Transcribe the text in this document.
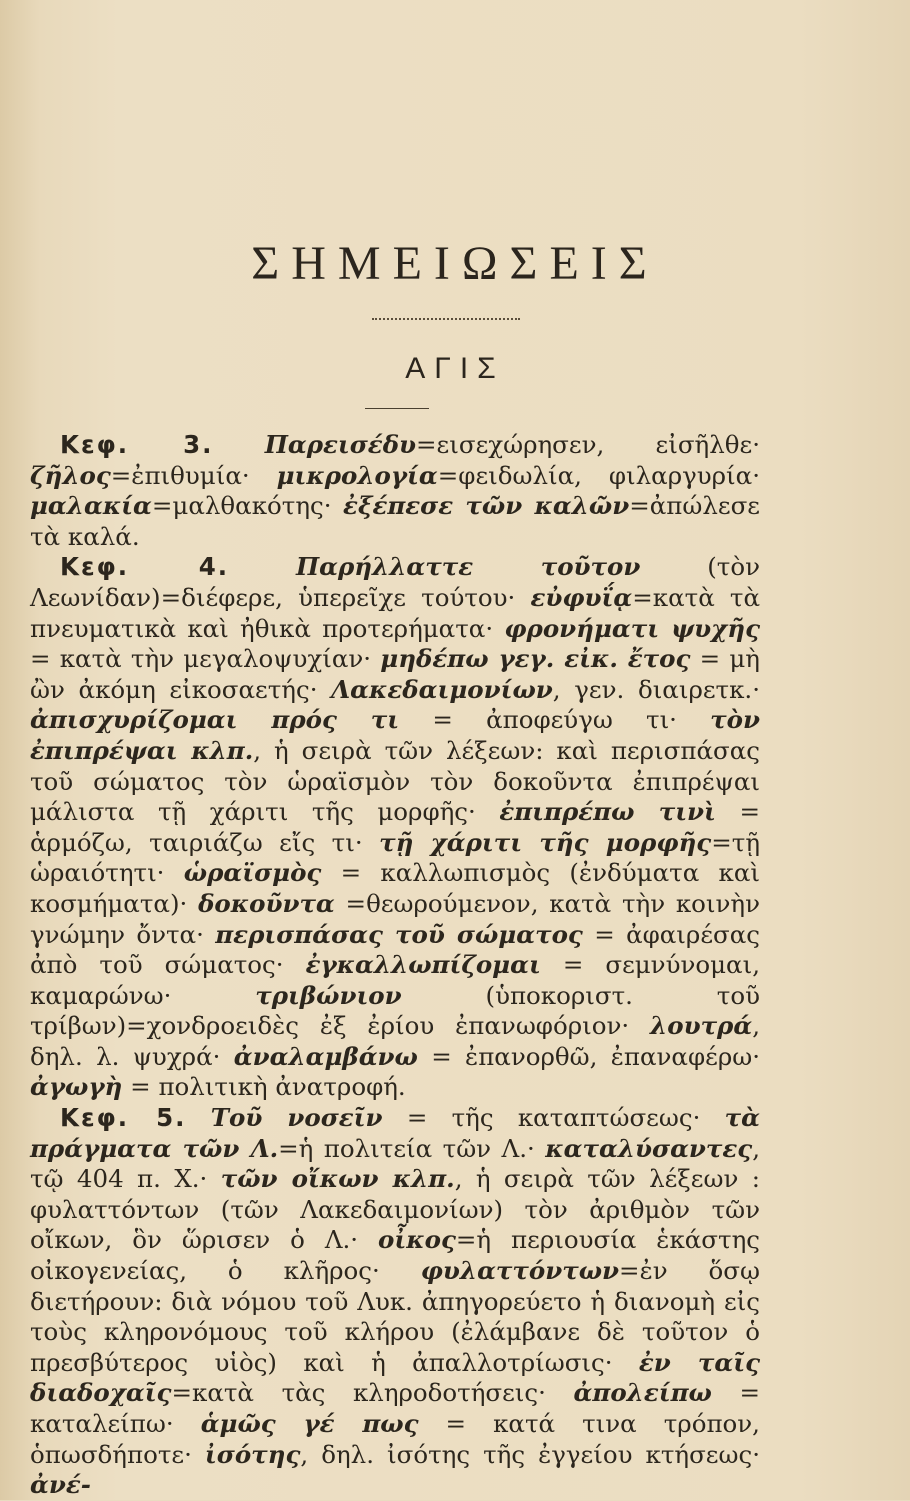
ΣΗΜΕΙΩΣΕΙΣ
ΑΓΙΣ

Κεφ. 3. Παρεισέδυ=εισεχώρησεν, εἰσῆλθε· ζῆλος=ἐπιθυμία· μικρολογία=φειδωλία, φιλαργυρία· μαλακία=μαλθακότης· ἐξέπεσε τῶν καλῶν=ἀπώλεσε τὰ καλά.

Κεφ. 4.	Παρήλλαττε τοῦτον (τὸν Λεωνίδαν)=διέφερε, ὑπερεῖχε τούτου· εὐφυΐᾳ=κατὰ τὰ πνευματικὰ καὶ ἠθικὰ προτερήματα· φρονήματι ψυχῆς = κατὰ τὴν μεγαλοψυχίαν· μηδέπω γεγ. εἰκ. ἔτος = μὴ ὢν ἀκόμη εἰκοσαετής· Λακεδαιμονίων, γεν. διαιρετκ.· ἀπισχυρίζομαι πρός τι = ἀποφεύγω τι· τὸν ἐπιπρέψαι κλπ., ἡ σειρὰ τῶν λέξεων: καὶ περισπάσας τοῦ σώματος τὸν ὡραϊσμὸν τὸν δοκοῦντα ἐπιπρέψαι μάλιστα τῇ χάριτι τῆς μορφῆς· ἐπιπρέπω τινὶ = ἁρμόζω, ταιριάζω εἴς τι· τῇ χάριτι τῆς μορφῆς=τῇ ὡραιότητι· ὡραϊσμὸς = καλλωπισμὸς (ἐνδύματα καὶ κοσμήματα)· δοκοῦντα =θεωρούμενον, κατὰ τὴν κοινὴν γνώμην ὄντα· περισπάσας τοῦ σώματος = ἀφαιρέσας ἀπὸ τοῦ σώματος· ἐγκαλλωπίζομαι = σεμνύνομαι, καμαρώνω· τριβώνιον (ὑποκοριστ. τοῦ τρίβων)=χονδροειδὲς ἐξ ἐρίου ἐπανωφόριον· λουτρά, δηλ. λ. ψυχρά· ἀναλαμβάνω = ἐπανορθῶ, ἐπαναφέρω· ἀγωγὴ = πολιτικὴ ἀνατροφή.

Κεφ. 5. Τοῦ νοσεῖν = τῆς καταπτώσεως· τὰ πράγματα τῶν Λ.=ἡ πολιτεία τῶν Λ.· καταλύσαντες, τῷ 404 π. Χ.· τῶν οἴκων κλπ., ἡ σειρὰ τῶν λέξεων : φυλαττόντων (τῶν Λακεδαιμονίων) τὸν ἀριθμὸν τῶν οἴκων, ὃν ὥρισεν ὁ Λ.· οἶκος=ἡ περιουσία ἑκάστης οἰκογενείας, ὁ κλῆρος· φυλαττόντων=ἐν ὅσῳ διετήρουν: διὰ νόμου τοῦ Λυκ. ἀπηγορεύετο ἡ διανομὴ εἰς τοὺς κληρονόμους τοῦ κλήρου (ἐλάμβανε δὲ τοῦτον ὁ πρεσβύτερος υἱὸς) καὶ ἡ ἀπαλλοτρίωσις· ἐν ταῖς διαδοχαῖς=κατὰ τὰς κληροδοτήσεις· ἀπολείπω = καταλείπω· ἁμῶς γέ πως = κατά τινα τρόπον, ὁπωσδήποτε· ἰσότης, δηλ. ἰσότης τῆς ἐγγείου κτήσεως· ἀνέ-
